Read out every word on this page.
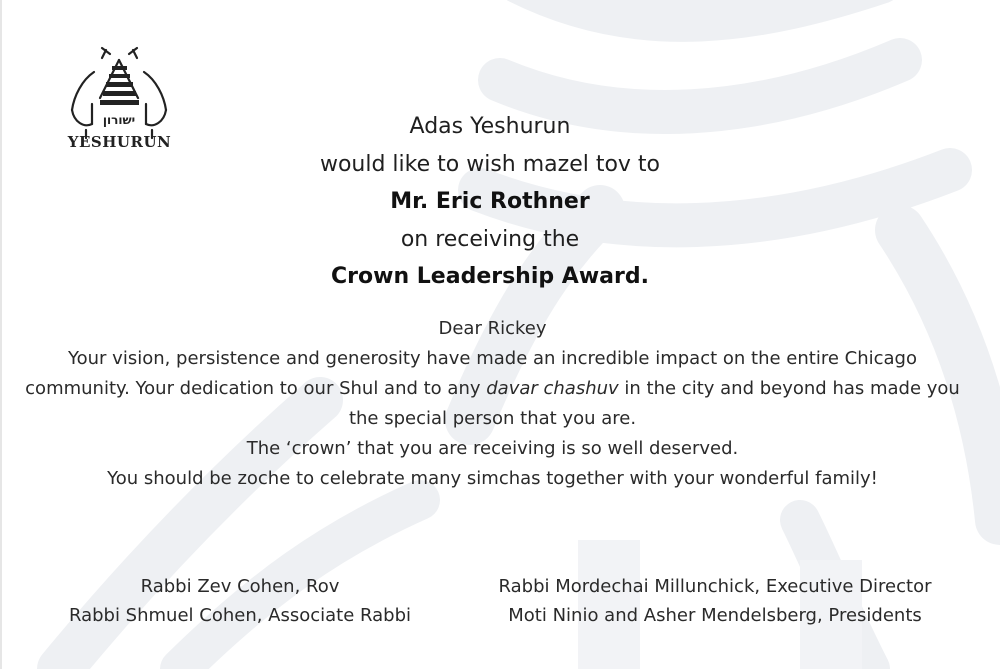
ישורון
YESHURUN
Adas Yeshurun
would like to wish mazel tov to
Mr. Eric Rothner
on receiving the
Crown Leadership Award.
Dear Rickey
Your vision, persistence and generosity have made an incredible impact on the entire Chicago community. Your dedication to our Shul and to any davar chashuv in the city and beyond has made you the special person that you are.
The ‘crown’ that you are receiving is so well deserved.
You should be zoche to celebrate many simchas together with your wonderful family!
Rabbi Zev Cohen, Rov
Rabbi Shmuel Cohen, Associate Rabbi
Rabbi Mordechai Millunchick, Executive Director
Moti Ninio and Asher Mendelsberg, Presidents
